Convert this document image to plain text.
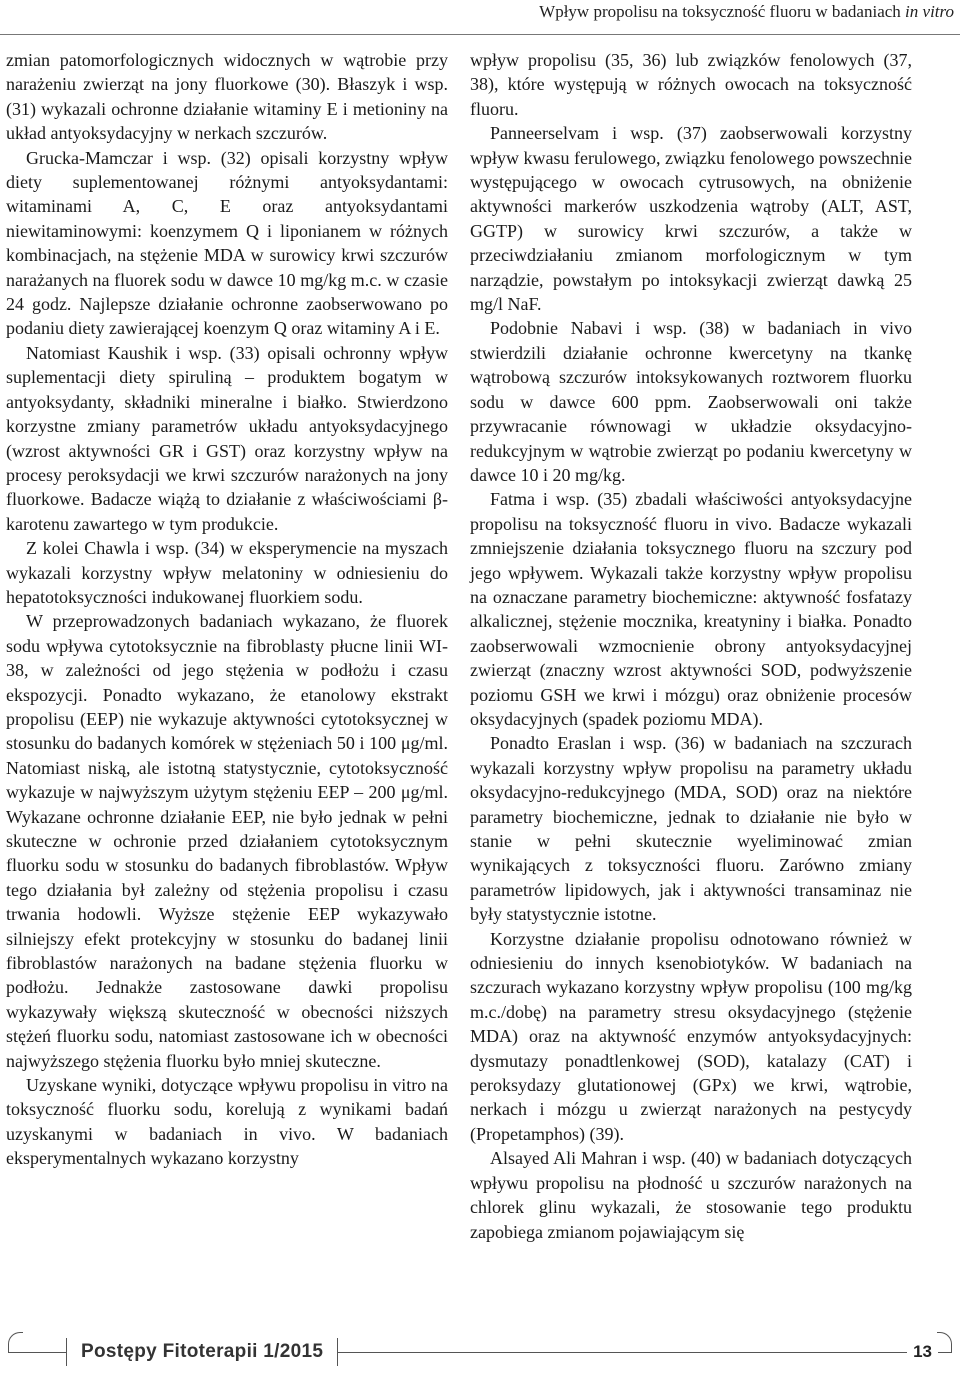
Wpływ propolisu na toksyczność fluoru w badaniach in vitro

zmian patomorfologicznych widocznych w wątrobie przy narażeniu zwierząt na jony fluorkowe (30). Błaszyk i wsp. (31) wykazali ochronne działanie witaminy E i metioniny na układ antyoksydacyjny w nerkach szczurów.

Grucka-Mamczar i wsp. (32) opisali korzystny wpływ diety suplementowanej różnymi antyoksydantami: witaminami A, C, E oraz antyoksydantami niewitaminowymi: koenzymem Q i liponianem w różnych kombinacjach, na stężenie MDA w surowicy krwi szczurów narażanych na fluorek sodu w dawce 10 mg/kg m.c. w czasie 24 godz. Najlepsze działanie ochronne zaobserwowano po podaniu diety zawierającej koenzym Q oraz witaminy A i E.

Natomiast Kaushik i wsp. (33) opisali ochronny wpływ suplementacji diety spiruliną – produktem bogatym w antyoksydanty, składniki mineralne i białko. Stwierdzono korzystne zmiany parametrów układu antyoksydacyjnego (wzrost aktywności GR i GST) oraz korzystny wpływ na procesy peroksydacji we krwi szczurów narażonych na jony fluorkowe. Badacze wiążą to działanie z właściwościami β-karotenu zawartego w tym produkcie.

Z kolei Chawla i wsp. (34) w eksperymencie na myszach wykazali korzystny wpływ melatoniny w odniesieniu do hepatotoksyczności indukowanej fluorkiem sodu.

W przeprowadzonych badaniach wykazano, że fluorek sodu wpływa cytotoksycznie na fibroblasty płucne linii WI-38, w zależności od jego stężenia w podłożu i czasu ekspozycji. Ponadto wykazano, że etanolowy ekstrakt propolisu (EEP) nie wykazuje aktywności cytotoksycznej w stosunku do badanych komórek w stężeniach 50 i 100 μg/ml. Natomiast niską, ale istotną statystycznie, cytotoksyczność wykazuje w najwyższym użytym stężeniu EEP – 200 μg/ml. Wykazane ochronne działanie EEP, nie było jednak w pełni skuteczne w ochronie przed działaniem cytotoksycznym fluorku sodu w stosunku do badanych fibroblastów. Wpływ tego działania był zależny od stężenia propolisu i czasu trwania hodowli. Wyższe stężenie EEP wykazywało silniejszy efekt protekcyjny w stosunku do badanej linii fibroblastów narażonych na badane stężenia fluorku w podłożu. Jednakże zastosowane dawki propolisu wykazywały większą skuteczność w obecności niższych stężeń fluorku sodu, natomiast zastosowane ich w obecności najwyższego stężenia fluorku było mniej skuteczne.

Uzyskane wyniki, dotyczące wpływu propolisu in vitro na toksyczność fluorku sodu, korelują z wynikami badań uzyskanymi w badaniach in vivo. W badaniach eksperymentalnych wykazano korzystny

wpływ propolisu (35, 36) lub związków fenolowych (37, 38), które występują w różnych owocach na toksyczność fluoru.

Panneerselvam i wsp. (37) zaobserwowali korzystny wpływ kwasu ferulowego, związku fenolowego powszechnie występującego w owocach cytrusowych, na obniżenie aktywności markerów uszkodzenia wątroby (ALT, AST, GGTP) w surowicy krwi szczurów, a także w przeciwdziałaniu zmianom morfologicznym w tym narządzie, powstałym po intoksykacji zwierząt dawką 25 mg/l NaF.

Podobnie Nabavi i wsp. (38) w badaniach in vivo stwierdzili działanie ochronne kwercetyny na tkankę wątrobową szczurów intoksykowanych roztworem fluorku sodu w dawce 600 ppm. Zaobserwowali oni także przywracanie równowagi w układzie oksydacyjno-redukcyjnym w wątrobie zwierząt po podaniu kwercetyny w dawce 10 i 20 mg/kg.

Fatma i wsp. (35) zbadali właściwości antyoksydacyjne propolisu na toksyczność fluoru in vivo. Badacze wykazali zmniejszenie działania toksycznego fluoru na szczury pod jego wpływem. Wykazali także korzystny wpływ propolisu na oznaczane parametry biochemiczne: aktywność fosfatazy alkalicznej, stężenie mocznika, kreatyniny i białka. Ponadto zaobserwowali wzmocnienie obrony antyoksydacyjnej zwierząt (znaczny wzrost aktywności SOD, podwyższenie poziomu GSH we krwi i mózgu) oraz obniżenie procesów oksydacyjnych (spadek poziomu MDA).

Ponadto Eraslan i wsp. (36) w badaniach na szczurach wykazali korzystny wpływ propolisu na parametry układu oksydacyjno-redukcyjnego (MDA, SOD) oraz na niektóre parametry biochemiczne, jednak to działanie nie było w stanie w pełni skutecznie wyeliminować zmian wynikających z toksyczności fluoru. Zarówno zmiany parametrów lipidowych, jak i aktywności transaminaz nie były statystycznie istotne.

Korzystne działanie propolisu odnotowano również w odniesieniu do innych ksenobiotyków. W badaniach na szczurach wykazano korzystny wpływ propolisu (100 mg/kg m.c./dobę) na parametry stresu oksydacyjnego (stężenie MDA) oraz na aktywność enzymów antyoksydacyjnych: dysmutazy ponadtlenkowej (SOD), katalazy (CAT) i peroksydazy glutationowej (GPx) we krwi, wątrobie, nerkach i mózgu u zwierząt narażonych na pestycydy (Propetamphos) (39).

Alsayed Ali Mahran i wsp. (40) w badaniach dotyczących wpływu propolisu na płodność u szczurów narażonych na chlorek glinu wykazali, że stosowanie tego produktu zapobiega zmianom pojawiającym się

Postępy Fitoterapii 1/2015	13
